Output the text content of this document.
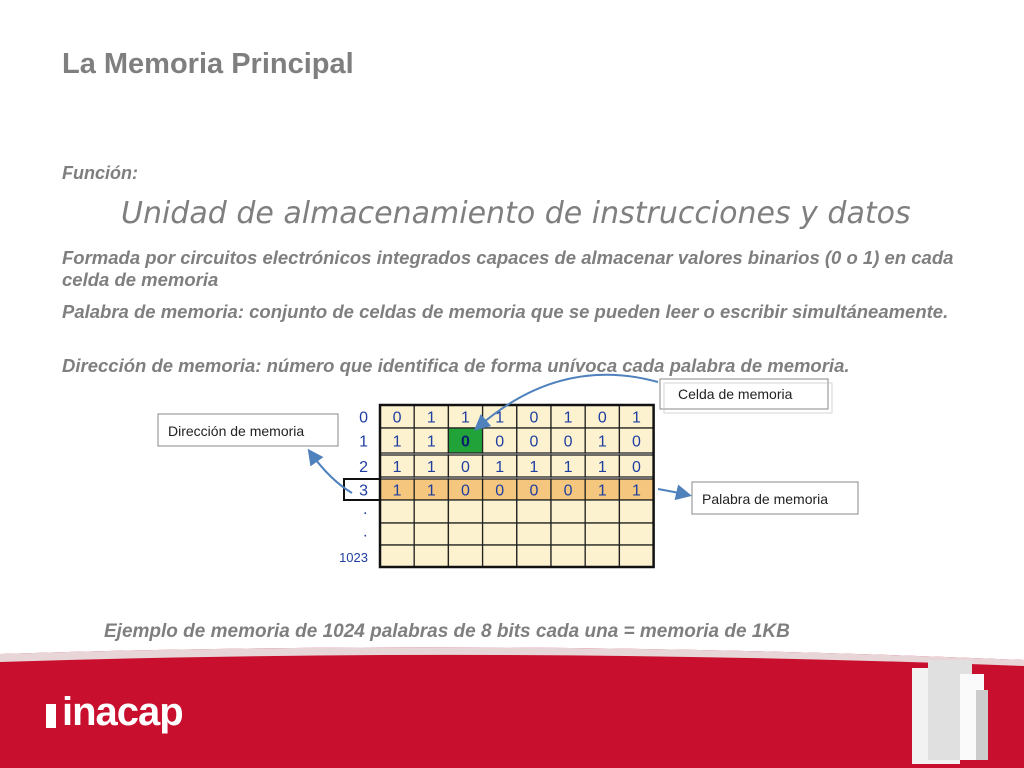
La Memoria Principal
Función:
Unidad de almacenamiento de instrucciones y datos
Formada por circuitos electrónicos integrados capaces de almacenar valores binarios (0 o 1) en cada celda de memoria
Palabra de memoria: conjunto de celdas de memoria que se pueden leer o escribir simultáneamente.
Dirección de memoria: número que identifica de forma unívoca cada palabra de memoria.
0 1 1 1 0 1 0 1
1 1 0 0 0 0 1 0
1 1 0 1 1 1 1 0
1 1 0 0 0 0 1 1
0
1
2
3
·
·
1023
Celda de memoria
Dirección de memoria
Palabra de memoria
Ejemplo de memoria de 1024 palabras de 8 bits cada una = memoria de 1KB
inacap
